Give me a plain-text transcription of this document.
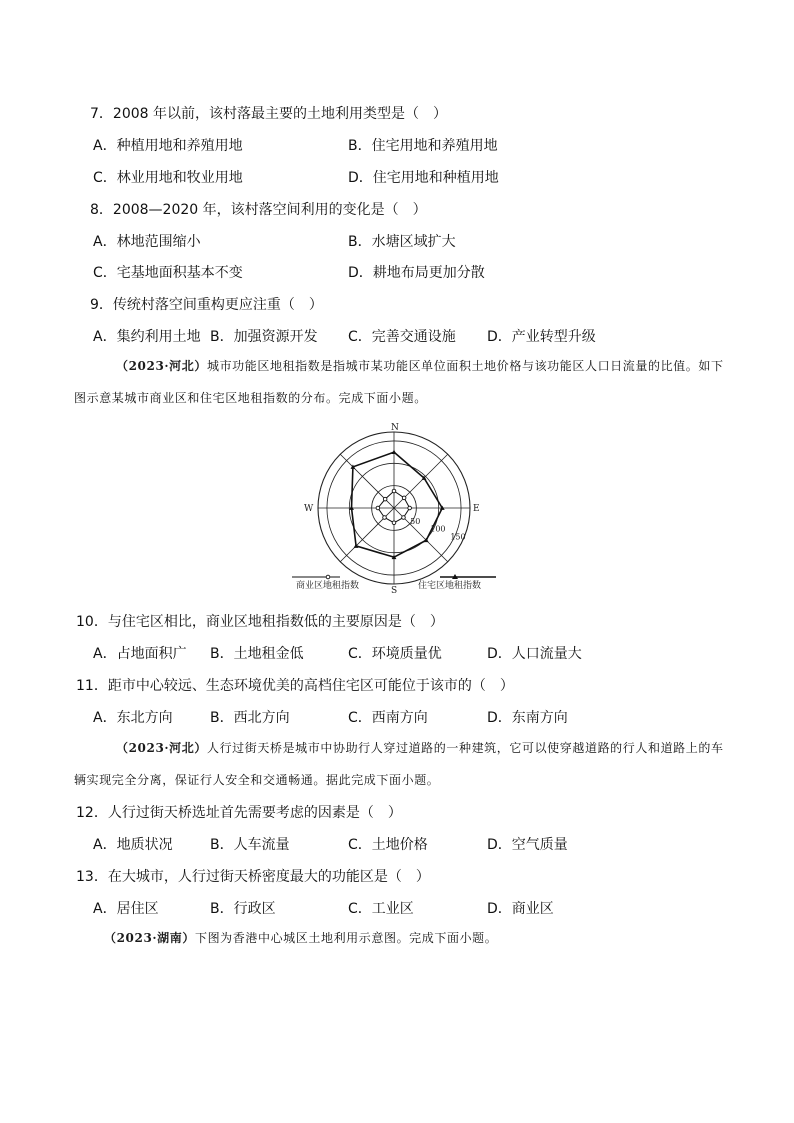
7．2008 年以前，该村落最主要的土地利用类型是（　）
A．种植用地和养殖用地	B．住宅用地和养殖用地
C．林业用地和牧业用地	D．住宅用地和种植用地
8．2008—2020 年，该村落空间利用的变化是（　）
A．林地范围缩小	B．水塘区域扩大
C．宅基地面积基本不变	D．耕地布局更加分散
9．传统村落空间重构更应注重（　）
A．集约利用土地 B．加强资源开发 C．完善交通设施 D．产业转型升级
（2023·河北）城市功能区地租指数是指城市某功能区单位面积土地价格与该功能区人口日流量的比值。如下图示意某城市商业区和住宅区地租指数的分布。完成下面小题。
50
100
150
N
E
S
W
商业区地租指数	住宅区地租指数
10．与住宅区相比，商业区地租指数低的主要原因是（　）
A．占地面积广 B．土地租金低	C．环境质量优	D．人口流量大
11．距市中心较远、生态环境优美的高档住宅区可能位于该市的（　）
A．东北方向	B．西北方向	C．西南方向	D．东南方向
（2023·河北）人行过街天桥是城市中协助行人穿过道路的一种建筑，它可以使穿越道路的行人和道路上的车辆实现完全分离，保证行人安全和交通畅通。据此完成下面小题。
12．人行过街天桥选址首先需要考虑的因素是（　）
A．地质状况	B．人车流量	C．土地价格	D．空气质量
13．在大城市，人行过街天桥密度最大的功能区是（　）
A．居住区	B．行政区	C．工业区	D．商业区
（2023·湖南）下图为香港中心城区土地利用示意图。完成下面小题。
